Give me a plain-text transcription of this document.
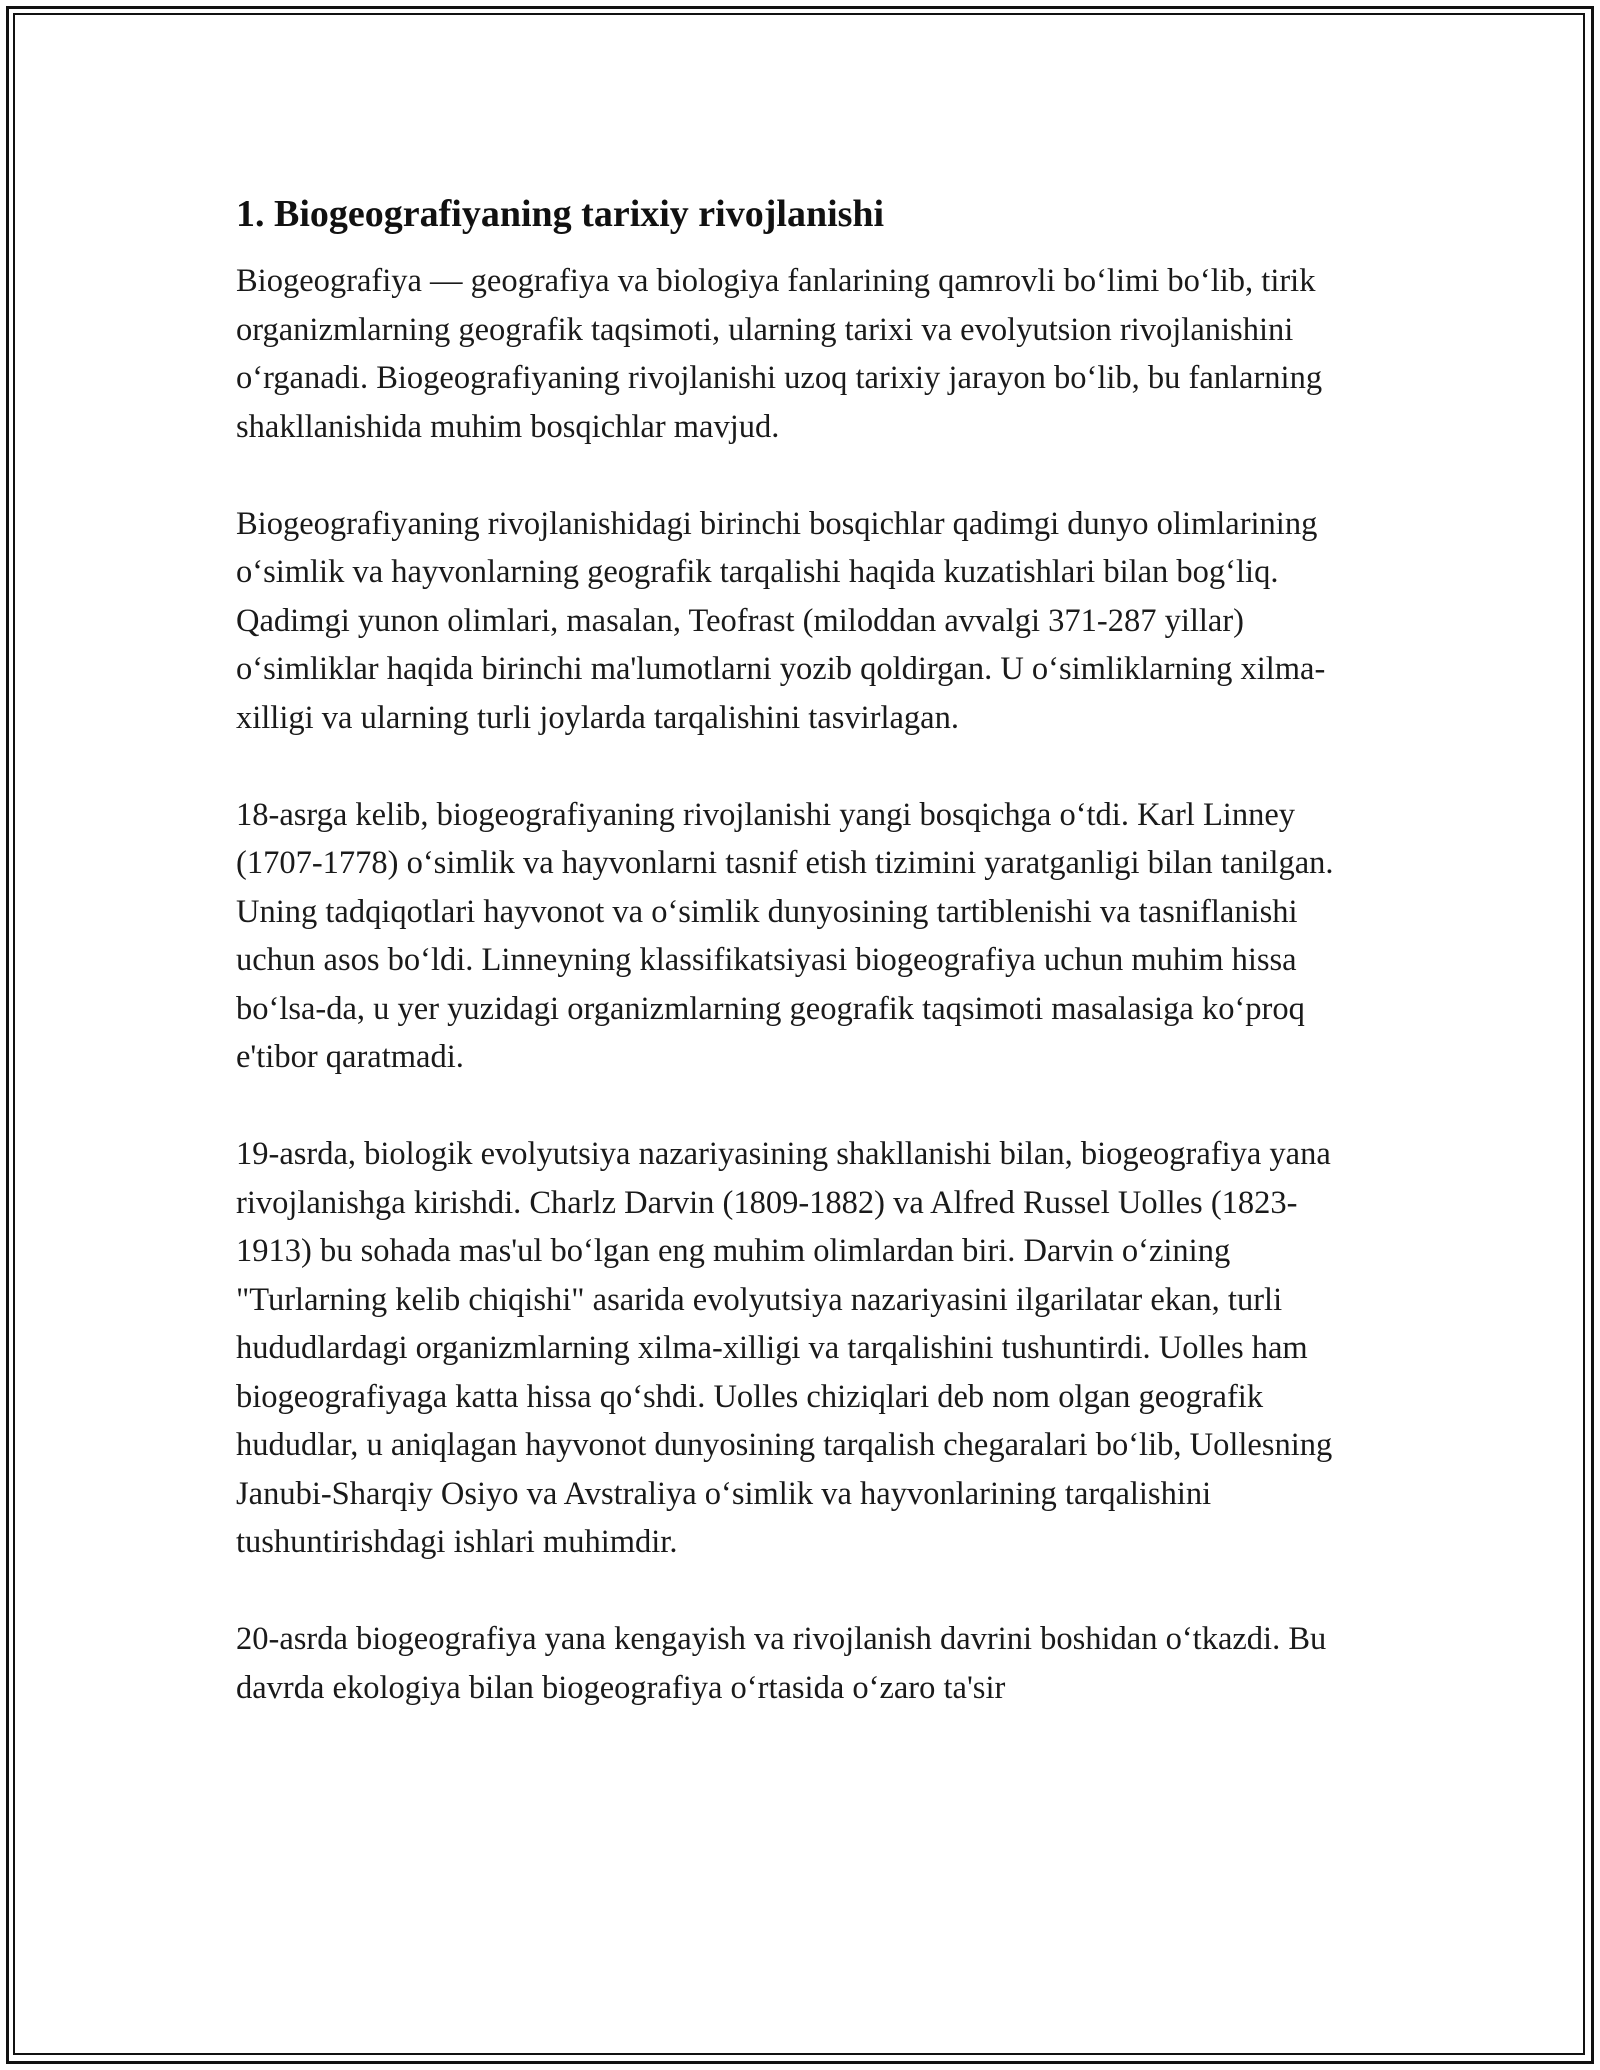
1. Biogeografiyaning tarixiy rivojlanishi

Biogeografiya — geografiya va biologiya fanlarining qamrovli bo‘limi bo‘lib, tirik organizmlarning geografik taqsimoti, ularning tarixi va evolyutsion rivojlanishini o‘rganadi. Biogeografiyaning rivojlanishi uzoq tarixiy jarayon bo‘lib, bu fanlarning shakllanishida muhim bosqichlar mavjud.

Biogeografiyaning rivojlanishidagi birinchi bosqichlar qadimgi dunyo olimlarining o‘simlik va hayvonlarning geografik tarqalishi haqida kuzatishlari bilan bog‘liq. Qadimgi yunon olimlari, masalan, Teofrast (miloddan avvalgi 371-287 yillar) o‘simliklar haqida birinchi ma'lumotlarni yozib qoldirgan. U o‘simliklarning xilma-xilligi va ularning turli joylarda tarqalishini tasvirlagan.

18-asrga kelib, biogeografiyaning rivojlanishi yangi bosqichga o‘tdi. Karl Linney (1707-1778) o‘simlik va hayvonlarni tasnif etish tizimini yaratganligi bilan tanilgan. Uning tadqiqotlari hayvonot va o‘simlik dunyosining tartiblenishi va tasniflanishi uchun asos bo‘ldi. Linneyning klassifikatsiyasi biogeografiya uchun muhim hissa bo‘lsa-da, u yer yuzidagi organizmlarning geografik taqsimoti masalasiga ko‘proq e'tibor qaratmadi.

19-asrda, biologik evolyutsiya nazariyasining shakllanishi bilan, biogeografiya yana rivojlanishga kirishdi. Charlz Darvin (1809-1882) va Alfred Russel Uolles (1823-1913) bu sohada mas'ul bo‘lgan eng muhim olimlardan biri. Darvin o‘zining "Turlarning kelib chiqishi" asarida evolyutsiya nazariyasini ilgarilatar ekan, turli hududlardagi organizmlarning xilma-xilligi va tarqalishini tushuntirdi. Uolles ham biogeografiyaga katta hissa qo‘shdi. Uolles chiziqlari deb nom olgan geografik hududlar, u aniqlagan hayvonot dunyosining tarqalish chegaralari bo‘lib, Uollesning Janubi-Sharqiy Osiyo va Avstraliya o‘simlik va hayvonlarining tarqalishini tushuntirishdagi ishlari muhimdir.

20-asrda biogeografiya yana kengayish va rivojlanish davrini boshidan o‘tkazdi. Bu davrda ekologiya bilan biogeografiya o‘rtasida o‘zaro ta'sir
